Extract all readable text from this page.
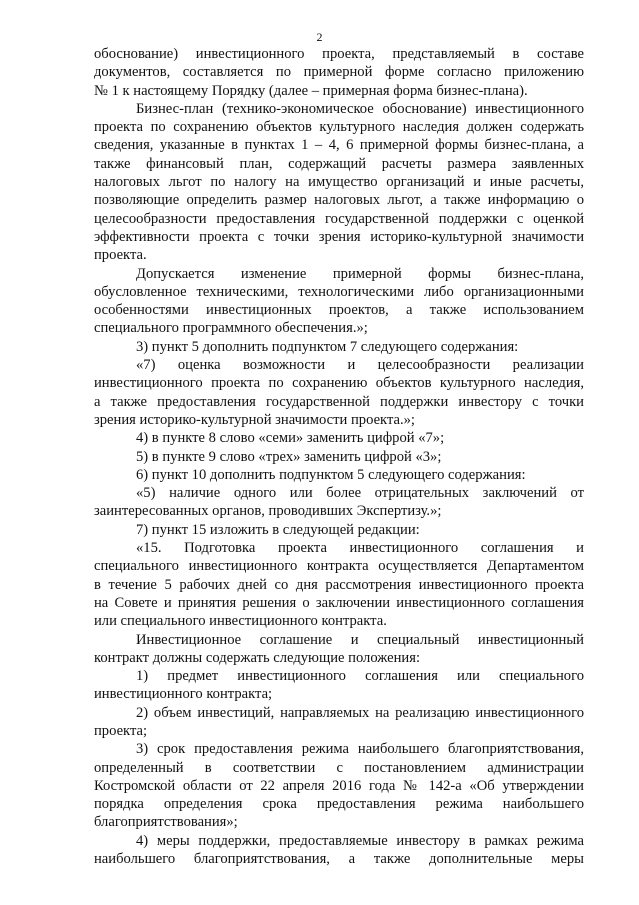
2
обоснование) инвестиционного проекта, представляемый в составе
документов, составляется по примерной форме согласно приложению
№ 1 к настоящему Порядку (далее – примерная форма бизнес-плана).
Бизнес-план (технико-экономическое обоснование) инвестиционного
проекта по сохранению объектов культурного наследия должен содержать
сведения, указанные в пунктах 1 – 4, 6 примерной формы бизнес-плана, а
также финансовый план, содержащий расчеты размера заявленных
налоговых льгот по налогу на имущество организаций и иные расчеты,
позволяющие определить размер налоговых льгот, а также информацию о
целесообразности предоставления государственной поддержки с оценкой
эффективности проекта с точки зрения историко-культурной значимости
проекта.
Допускается изменение примерной формы бизнес-плана,
обусловленное техническими, технологическими либо организационными
особенностями инвестиционных проектов, а также использованием
специального программного обеспечения.»;
3) пункт 5 дополнить подпунктом 7 следующего содержания:
«7) оценка возможности и целесообразности реализации
инвестиционного проекта по сохранению объектов культурного наследия,
а также предоставления государственной поддержки инвестору с точки
зрения историко-культурной значимости проекта.»;
4) в пункте 8 слово «семи» заменить цифрой «7»;
5) в пункте 9 слово «трех» заменить цифрой «3»;
6) пункт 10 дополнить подпунктом 5 следующего содержания:
«5) наличие одного или более отрицательных заключений от
заинтересованных органов, проводивших Экспертизу.»;
7) пункт 15 изложить в следующей редакции:
«15. Подготовка проекта инвестиционного соглашения и
специального инвестиционного контракта осуществляется Департаментом
в течение 5 рабочих дней со дня рассмотрения инвестиционного проекта
на Совете и принятия решения о заключении инвестиционного соглашения
или специального инвестиционного контракта.
Инвестиционное соглашение и специальный инвестиционный
контракт должны содержать следующие положения:
1) предмет инвестиционного соглашения или специального
инвестиционного контракта;
2) объем инвестиций, направляемых на реализацию инвестиционного
проекта;
3) срок предоставления режима наибольшего благоприятствования,
определенный в соответствии с постановлением администрации
Костромской области от 22 апреля 2016 года № 142-а «Об утверждении
порядка определения срока предоставления режима наибольшего
благоприятствования»;
4) меры поддержки, предоставляемые инвестору в рамках режима
наибольшего благоприятствования, а также дополнительные меры
